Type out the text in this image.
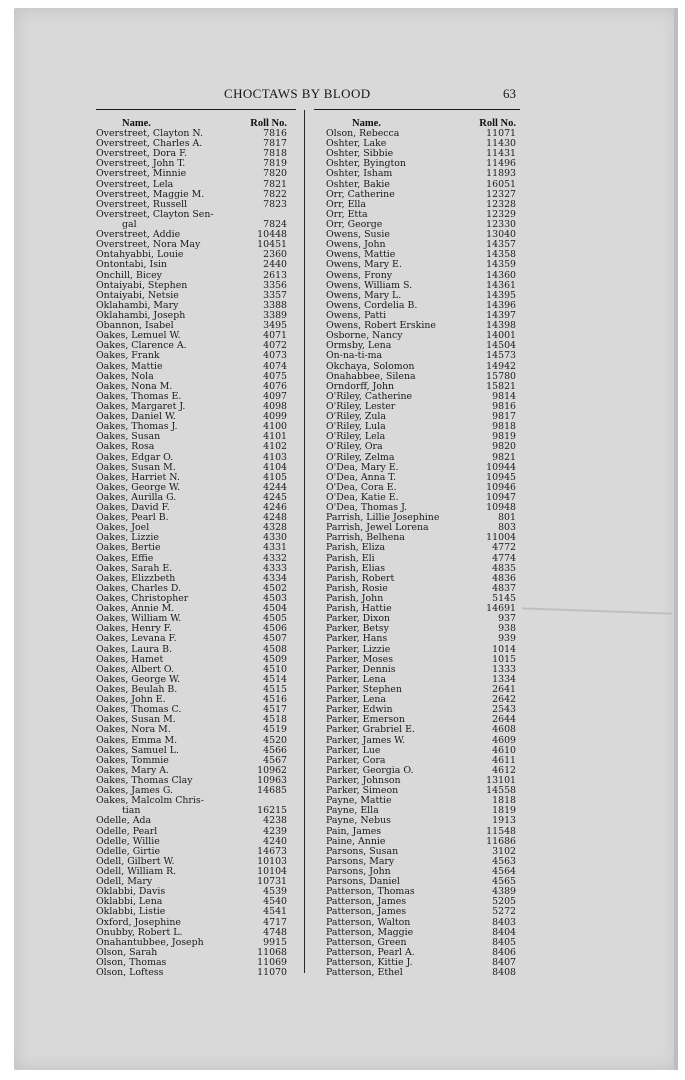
CHOCTAWS BY BLOOD	63
Name.	Roll No.
Overstreet, Clayton N.	7816
Overstreet, Charles A.	7817
Overstreet, Dora F.	7818
Overstreet, John T.	7819
Overstreet, Minnie	7820
Overstreet, Lela	7821
Overstreet, Maggie M.	7822
Overstreet, Russell	7823
Overstreet, Clayton Sen-
gal	7824
Overstreet, Addie	10448
Overstreet, Nora May	10451
Ontahyabbi, Louie	2360
Ontontabi, Isin	2440
Onchill, Bicey	2613
Ontaiyabi, Stephen	3356
Ontaiyabi, Netsie	3357
Oklahambi, Mary	3388
Oklahambi, Joseph	3389
Obannon, Isabel	3495
Oakes, Lemuel W.	4071
Oakes, Clarence A.	4072
Oakes, Frank	4073
Oakes, Mattie	4074
Oakes, Nola	4075
Oakes, Nona M.	4076
Oakes, Thomas E.	4097
Oakes, Margaret J.	4098
Oakes, Daniel W.	4099
Oakes, Thomas J.	4100
Oakes, Susan	4101
Oakes, Rosa	4102
Oakes, Edgar O.	4103
Oakes, Susan M.	4104
Oakes, Harriet N.	4105
Oakes, George W.	4244
Oakes, Aurilla G.	4245
Oakes, David F.	4246
Oakes, Pearl B.	4248
Oakes, Joel	4328
Oakes, Lizzie	4330
Oakes, Bertie	4331
Oakes, Effie	4332
Oakes, Sarah E.	4333
Oakes, Elizzbeth	4334
Oakes, Charles D.	4502
Oakes, Christopher	4503
Oakes, Annie M.	4504
Oakes, William W.	4505
Oakes, Henry F.	4506
Oakes, Levana F.	4507
Oakes, Laura B.	4508
Oakes, Hamet	4509
Oakes, Albert O.	4510
Oakes, George W.	4514
Oakes, Beulah B.	4515
Oakes, John E.	4516
Oakes, Thomas C.	4517
Oakes, Susan M.	4518
Oakes, Nora M.	4519
Oakes, Emma M.	4520
Oakes, Samuel L.	4566
Oakes, Tommie	4567
Oakes, Mary A.	10962
Oakes, Thomas Clay	10963
Oakes, James G.	14685
Oakes, Malcolm Chris-
tian	16215
Odelle, Ada	4238
Odelle, Pearl	4239
Odelle, Willie	4240
Odelle, Girtie	14673
Odell, Gilbert W.	10103
Odell, William R.	10104
Odell, Mary	10731
Oklabbi, Davis	4539
Oklabbi, Lena	4540
Oklabbi, Listie	4541
Oxford, Josephine	4717
Onubby, Robert L.	4748
Onahantubbee, Joseph	9915
Olson, Sarah	11068
Olson, Thomas	11069
Olson, Loftess	11070
Name.	Roll No.
Olson, Rebecca	11071
Oshter, Lake	11430
Oshter, Sibbie	11431
Oshter, Byington	11496
Oshter, Isham	11893
Oshter, Bakie	16051
Orr, Catherine	12327
Orr, Ella	12328
Orr, Etta	12329
Orr, George	12330
Owens, Susie	13040
Owens, John	14357
Owens, Mattie	14358
Owens, Mary E.	14359
Owens, Frony	14360
Owens, William S.	14361
Owens, Mary L.	14395
Owens, Cordelia B.	14396
Owens, Patti	14397
Owens, Robert Erskine	14398
Osborne, Nancy	14001
Ormsby, Lena	14504
On-na-ti-ma	14573
Okchaya, Solomon	14942
Onahabbee, Silena	15780
Orndorff, John	15821
O'Riley, Catherine	9814
O'Riley, Lester	9816
O'Riley, Zula	9817
O'Riley, Lula	9818
O'Riley, Lela	9819
O'Riley, Ora	9820
O'Riley, Zelma	9821
O'Dea, Mary E.	10944
O'Dea, Anna T.	10945
O'Dea, Cora E.	10946
O'Dea, Katie E.	10947
O'Dea, Thomas J.	10948
Parrish, Lillie Josephine	801
Parrish, Jewel Lorena	803
Parrish, Belhena	11004
Parish, Eliza	4772
Parish, Eli	4774
Parish, Elias	4835
Parish, Robert	4836
Parish, Rosie	4837
Parish, John	5145
Parish, Hattie	14691
Parker, Dixon	937
Parker, Betsy	938
Parker, Hans	939
Parker, Lizzie	1014
Parker, Moses	1015
Parker, Dennis	1333
Parker, Lena	1334
Parker, Stephen	2641
Parker, Lena	2642
Parker, Edwin	2543
Parker, Emerson	2644
Parker, Grabriel E.	4608
Parker, James W.	4609
Parker, Lue	4610
Parker, Cora	4611
Parker, Georgia O.	4612
Parker, Johnson	13101
Parker, Simeon	14558
Payne, Mattie	1818
Payne, Ella	1819
Payne, Nebus	1913
Pain, James	11548
Paine, Annie	11686
Parsons, Susan	3102
Parsons, Mary	4563
Parsons, John	4564
Parsons, Daniel	4565
Patterson, Thomas	4389
Patterson, James	5205
Patterson, James	5272
Patterson, Walton	8403
Patterson, Maggie	8404
Patterson, Green	8405
Patterson, Pearl A.	8406
Patterson, Kittie J.	8407
Patterson, Ethel	8408
